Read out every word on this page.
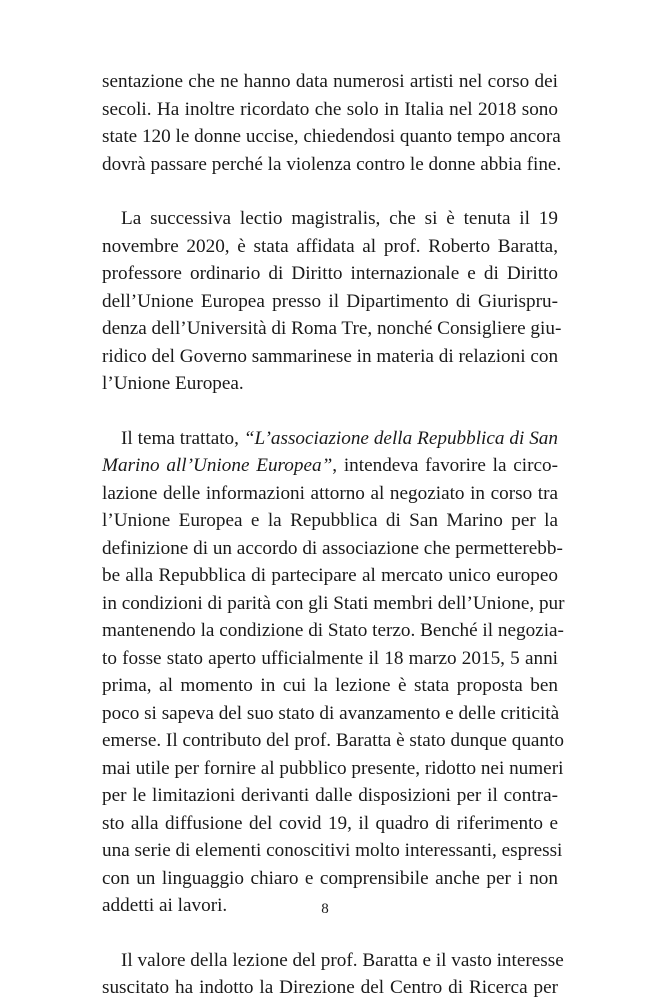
sentazione che ne hanno data numerosi artisti nel corso dei
secoli. Ha inoltre ricordato che solo in Italia nel 2018 sono
state 120 le donne uccise, chiedendosi quanto tempo ancora
dovrà passare perché la violenza contro le donne abbia fine.

La successiva lectio magistralis, che si è tenuta il 19
novembre 2020, è stata affidata al prof. Roberto Baratta,
professore ordinario di Diritto internazionale e di Diritto
dell’Unione Europea presso il Dipartimento di Giurispru-
denza dell’Università di Roma Tre, nonché Consigliere giu-
ridico del Governo sammarinese in materia di relazioni con
l’Unione Europea.

Il tema trattato, “L’associazione della Repubblica di San
Marino all’Unione Europea”, intendeva favorire la circo-
lazione delle informazioni attorno al negoziato in corso tra
l’Unione Europea e la Repubblica di San Marino per la
definizione di un accordo di associazione che permetterebb-
be alla Repubblica di partecipare al mercato unico europeo
in condizioni di parità con gli Stati membri dell’Unione, pur
mantenendo la condizione di Stato terzo. Benché il negozia-
to fosse stato aperto ufficialmente il 18 marzo 2015, 5 anni
prima, al momento in cui la lezione è stata proposta ben
poco si sapeva del suo stato di avanzamento e delle criticità
emerse. Il contributo del prof. Baratta è stato dunque quanto
mai utile per fornire al pubblico presente, ridotto nei numeri
per le limitazioni derivanti dalle disposizioni per il contra-
sto alla diffusione del covid 19, il quadro di riferimento e
una serie di elementi conoscitivi molto interessanti, espressi
con un linguaggio chiaro e comprensibile anche per i non
addetti ai lavori.

Il valore della lezione del prof. Baratta e il vasto interesse
suscitato ha indotto la Direzione del Centro di Ricerca per

8
